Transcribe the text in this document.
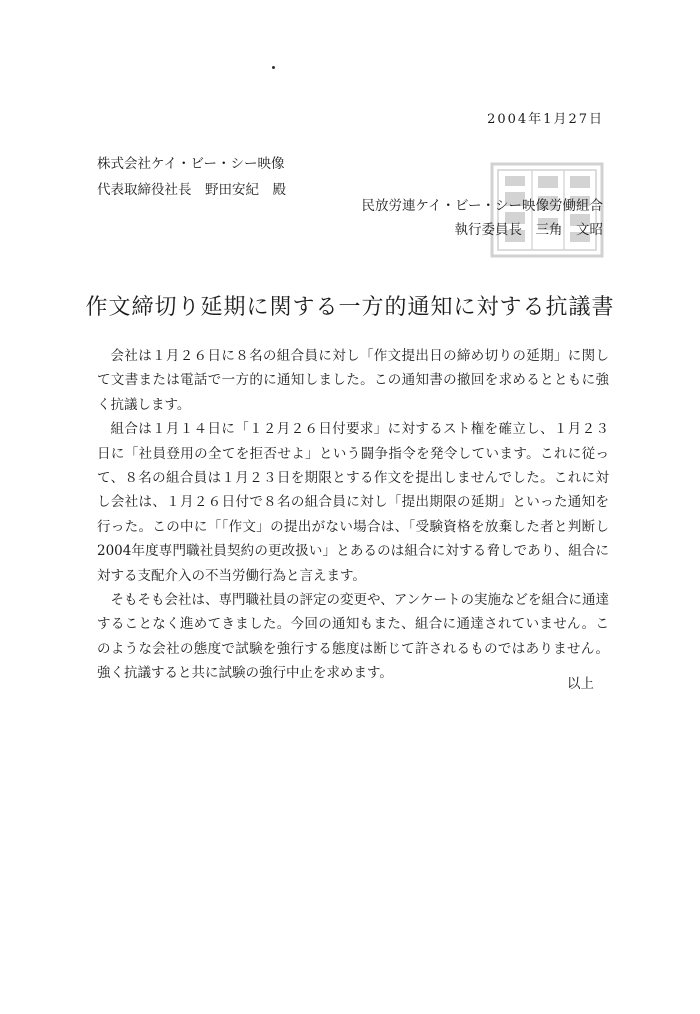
2004年1月27日
株式会社ケイ・ビー・シー映像
代表取締役社長　野田安紀　殿
民放労連ケイ・ビー・シー映像労働組合
執行委員長　三角　文昭
作文締切り延期に関する一方的通知に対する抗議書

会社は１月２６日に８名の組合員に対し「作文提出日の締め切りの延期」に関して文書または電話で一方的に通知しました。この通知書の撤回を求めるとともに強く抗議します。

組合は１月１４日に「１２月２６日付要求」に対するスト権を確立し、１月２３日に「社員登用の全てを拒否せよ」という闘争指令を発令しています。これに従って、８名の組合員は１月２３日を期限とする作文を提出しませんでした。これに対し会社は、１月２６日付で８名の組合員に対し「提出期限の延期」といった通知を行った。この中に「「作文」の提出がない場合は、「受験資格を放棄した者と判断し2004年度専門職社員契約の更改扱い」とあるのは組合に対する脅しであり、組合に対する支配介入の不当労働行為と言えます。

そもそも会社は、専門職社員の評定の変更や、アンケートの実施などを組合に通達することなく進めてきました。今回の通知もまた、組合に通達されていません。このような会社の態度で試験を強行する態度は断じて許されるものではありません。強く抗議すると共に試験の強行中止を求めます。

以上
